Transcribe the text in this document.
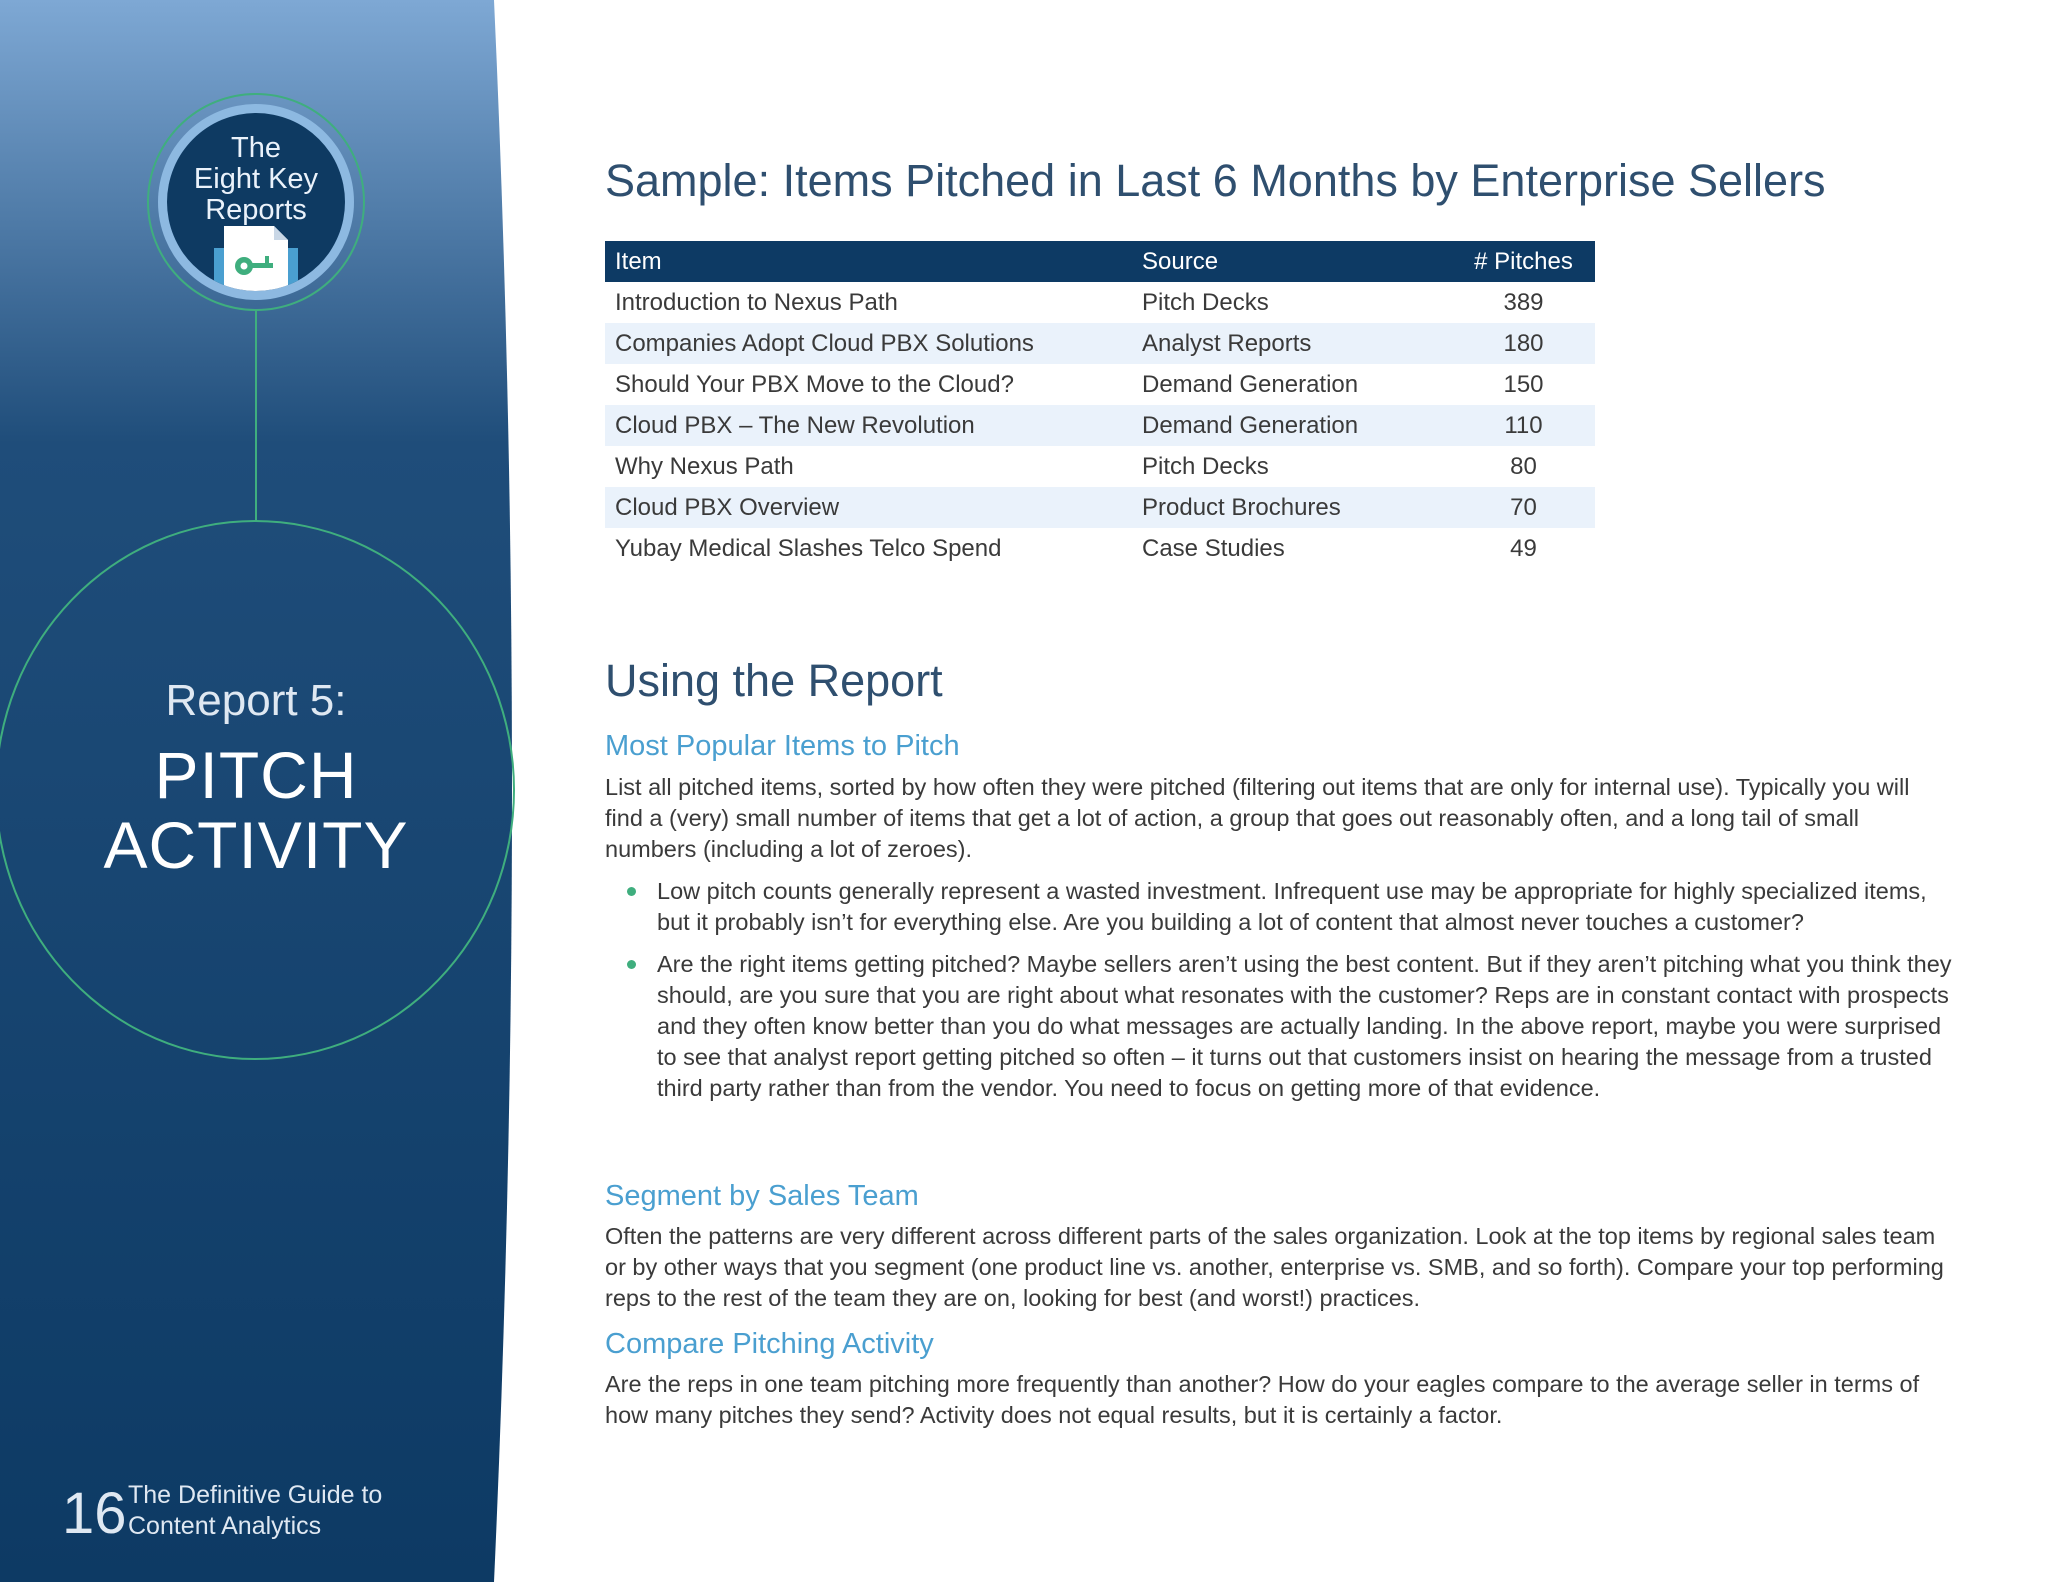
The
Eight Key
Reports
Report 5:
PITCH
ACTIVITY
16 The Definitive Guide to
Content Analytics
Sample: Items Pitched in Last 6 Months by Enterprise Sellers
Item	Source	# Pitches
Introduction to Nexus Path	Pitch Decks	389
Companies Adopt Cloud PBX Solutions	Analyst Reports	180
Should Your PBX Move to the Cloud?	Demand Generation	150
Cloud PBX – The New Revolution	Demand Generation	110
Why Nexus Path	Pitch Decks	80
Cloud PBX Overview	Product Brochures	70
Yubay Medical Slashes Telco Spend	Case Studies	49
Using the Report
Most Popular Items to Pitch

List all pitched items, sorted by how often they were pitched (filtering out items that are only for internal use). Typically you will find a (very) small number of items that get a lot of action, a group that goes out reasonably often, and a long tail of small numbers (including a lot of zeroes).

Low pitch counts generally represent a wasted investment. Infrequent use may be appropriate for highly specialized items, but it probably isn’t for everything else. Are you building a lot of content that almost never touches a customer?
Are the right items getting pitched? Maybe sellers aren’t using the best content. But if they aren’t pitching what you think they should, are you sure that you are right about what resonates with the customer? Reps are in constant contact with prospects and they often know better than you do what messages are actually landing. In the above report, maybe you were surprised to see that analyst report getting pitched so often – it turns out that customers insist on hearing the message from a trusted third party rather than from the vendor. You need to focus on getting more of that evidence.
Segment by Sales Team

Often the patterns are very different across different parts of the sales organization. Look at the top items by regional sales team or by other ways that you segment (one product line vs. another, enterprise vs. SMB, and so forth). Compare your top performing reps to the rest of the team they are on, looking for best (and worst!) practices.

Compare Pitching Activity

Are the reps in one team pitching more frequently than another? How do your eagles compare to the average seller in terms of how many pitches they send? Activity does not equal results, but it is certainly a factor.
